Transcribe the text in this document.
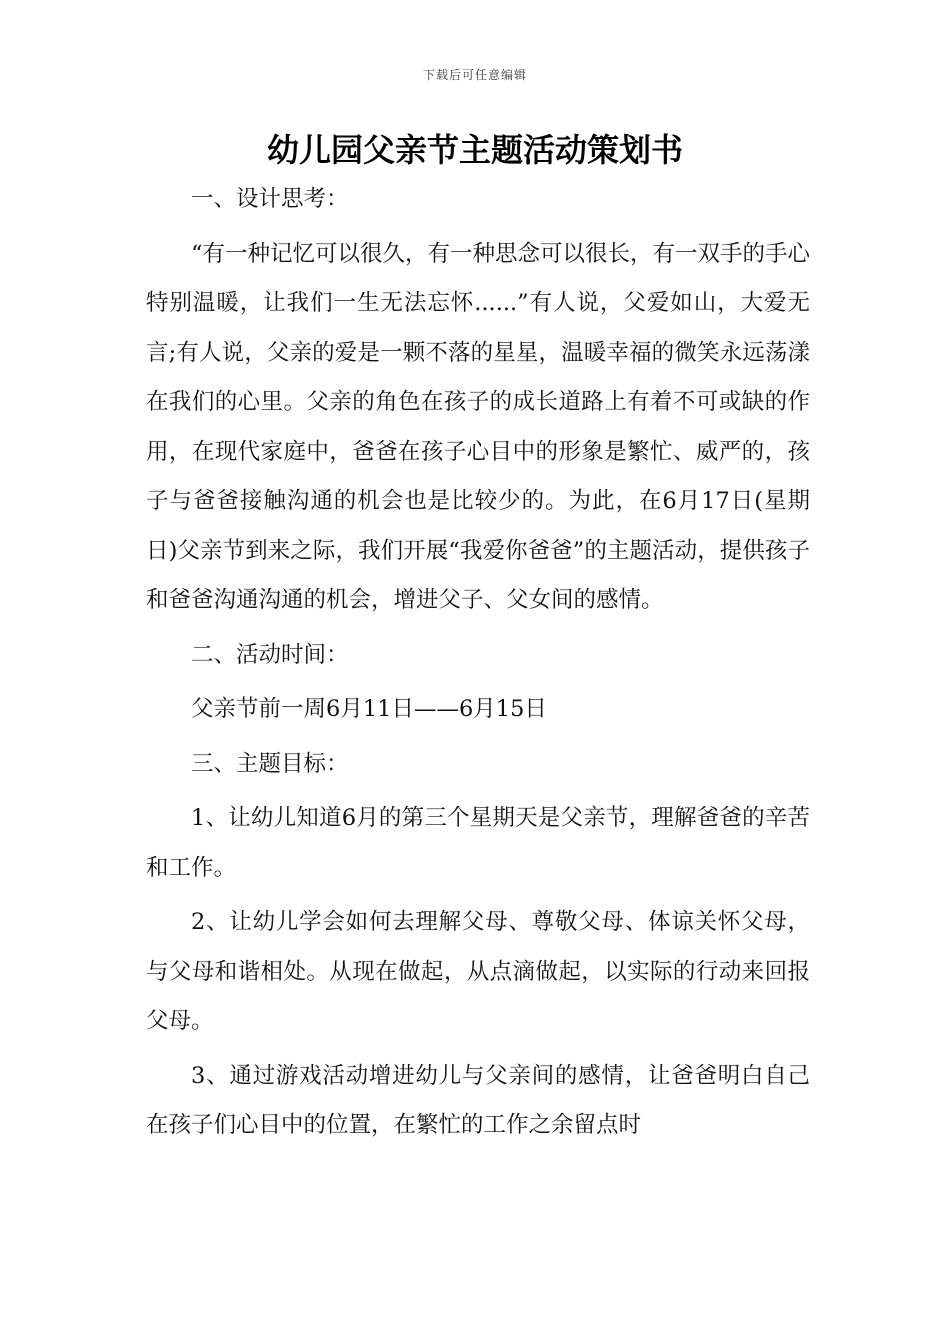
下载后可任意编辑
幼儿园父亲节主题活动策划书

一、设计思考：

“有一种记忆可以很久，有一种思念可以很长，有一双手的手心特别温暖，让我们一生无法忘怀......”有人说，父爱如山，大爱无言;有人说，父亲的爱是一颗不落的星星，温暖幸福的微笑永远荡漾在我们的心里。父亲的角色在孩子的成长道路上有着不可或缺的作用，在现代家庭中，爸爸在孩子心目中的形象是繁忙、威严的，孩子与爸爸接触沟通的机会也是比较少的。为此，在6月17日(星期日)父亲节到来之际，我们开展“我爱你爸爸”的主题活动，提供孩子和爸爸沟通沟通的机会，增进父子、父女间的感情。

二、活动时间：

父亲节前一周6月11日——6月15日

三、主题目标：

1、让幼儿知道6月的第三个星期天是父亲节，理解爸爸的辛苦和工作。

2、让幼儿学会如何去理解父母、尊敬父母、体谅关怀父母，与父母和谐相处。从现在做起，从点滴做起，以实际的行动来回报父母。

3、通过游戏活动增进幼儿与父亲间的感情，让爸爸明白自己在孩子们心目中的位置，在繁忙的工作之余留点时
